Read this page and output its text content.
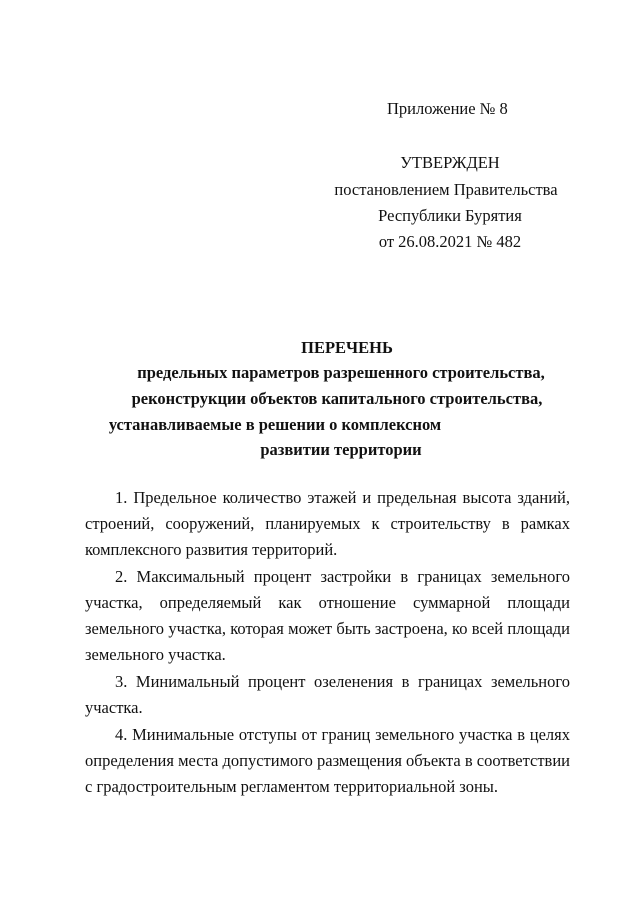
Приложение № 8
УТВЕРЖДЕН
постановлением Правительства
Республики Бурятия
от 26.08.2021 № 482
ПЕРЕЧЕНЬ
предельных параметров разрешенного строительства,
реконструкции объектов капитального строительства,
устанавливаемые в решении о комплексном
развитии территории

1. Предельное количество этажей и предельная высота зданий, строений, сооружений, планируемых к строительству в рамках комплексного развития территорий.

2. Максимальный процент застройки в границах земельного участка, определяемый как отношение суммарной площади земельного участка, которая может быть застроена, ко всей площади земельного участка.

3. Минимальный процент озеленения в границах земельного участка.

4. Минимальные отступы от границ земельного участка в целях определения места допустимого размещения объекта в соответствии с градостроительным регламентом территориальной зоны.
